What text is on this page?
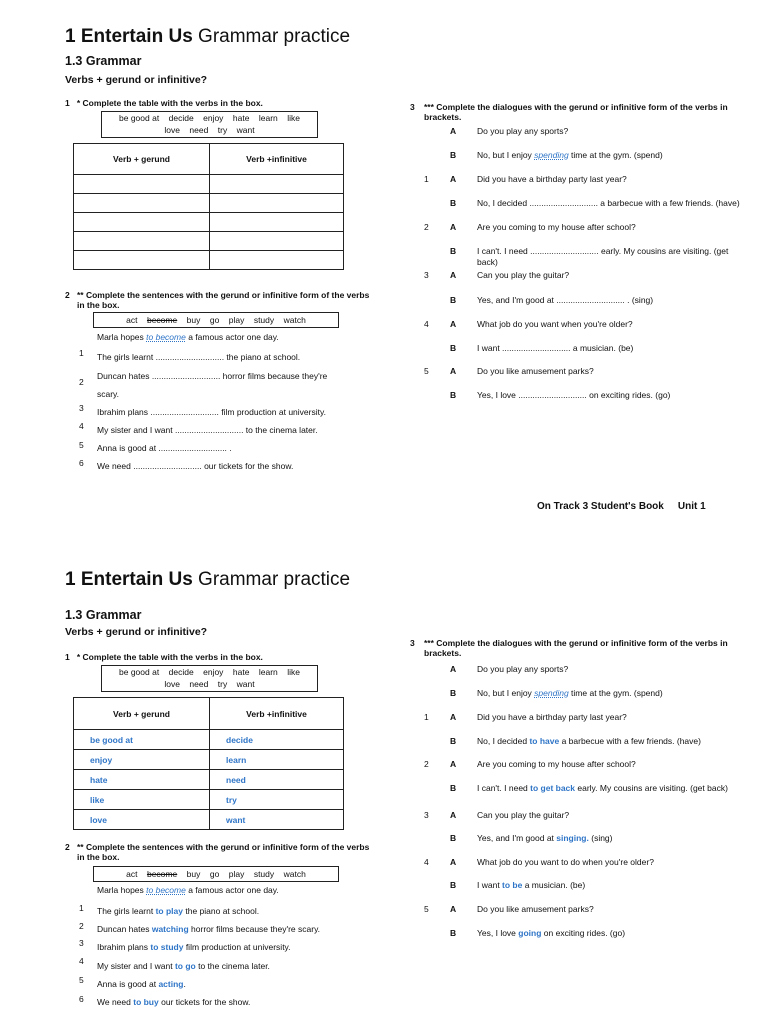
1 Entertain Us Grammar practice
1.3 Grammar
Verbs + gerund or infinitive?
1 * Complete the table with the verbs in the box.
be good at    decide    enjoy    hate    learn    like
love    need    try    want
Verb + gerund	Verb +infinitive

2 ** Complete the sentences with the gerund or infinitive form of the verbs in the box.
act become buy go play study watch
Marla hopes to become a famous actor one day.
1 The girls learnt ............................. the piano at school.
2
Duncan hates ............................. horror films because they're
scary.
3 Ibrahim plans ............................. film production at university.
4 My sister and I want ............................. to the cinema later.
5 Anna is good at ............................. .
6 We need ............................. our tickets for the show.
3 *** Complete the dialogues with the gerund or infinitive form of the verbs in brackets.
A Do you play any sports?
B No, but I enjoy spending time at the gym. (spend)
1	A Did you have a birthday party last year?
B No, I decided ............................. a barbecue with a few friends. (have)
2	A Are you coming to my house after school?
B I can't. I need ............................. early. My cousins are visiting. (get back)
3	A Can you play the guitar?
B Yes, and I'm good at ............................. . (sing)
4	A What job do you want when you're older?
B I want ............................. a musician. (be)
5	A Do you like amusement parks?
B Yes, I love ............................. on exciting rides. (go)
On Track 3 Student's Book Unit 1
1 Entertain Us Grammar practice
1.3 Grammar
Verbs + gerund or infinitive?
1 * Complete the table with the verbs in the box.
be good at    decide    enjoy    hate    learn    like
love    need    try    want
Verb + gerund	Verb +infinitive
be good at	decide
enjoy	learn
hate	need
like	try
love	want
2 ** Complete the sentences with the gerund or infinitive form of the verbs in the box.
act become buy go play study watch
Marla hopes to become a famous actor one day.
1 The girls learnt to play the piano at school.
2 Duncan hates watching horror films because they're scary.
3 Ibrahim plans to study film production at university.
4 My sister and I want to go to the cinema later.
5 Anna is good at acting.
6 We need to buy our tickets for the show.
3 *** Complete the dialogues with the gerund or infinitive form of the verbs in brackets.
A Do you play any sports?
B No, but I enjoy spending time at the gym. (spend)
1	A Did you have a birthday party last year?
B No, I decided to have a barbecue with a few friends. (have)
2	A Are you coming to my house after school?
B I can't. I need to get back early. My cousins are visiting. (get back)
3	A Can you play the guitar?
B Yes, and I'm good at singing. (sing)
4	A What job do you want to do when you're older?
B I want to be a musician. (be)
5	A Do you like amusement parks?
B Yes, I love going on exciting rides. (go)
